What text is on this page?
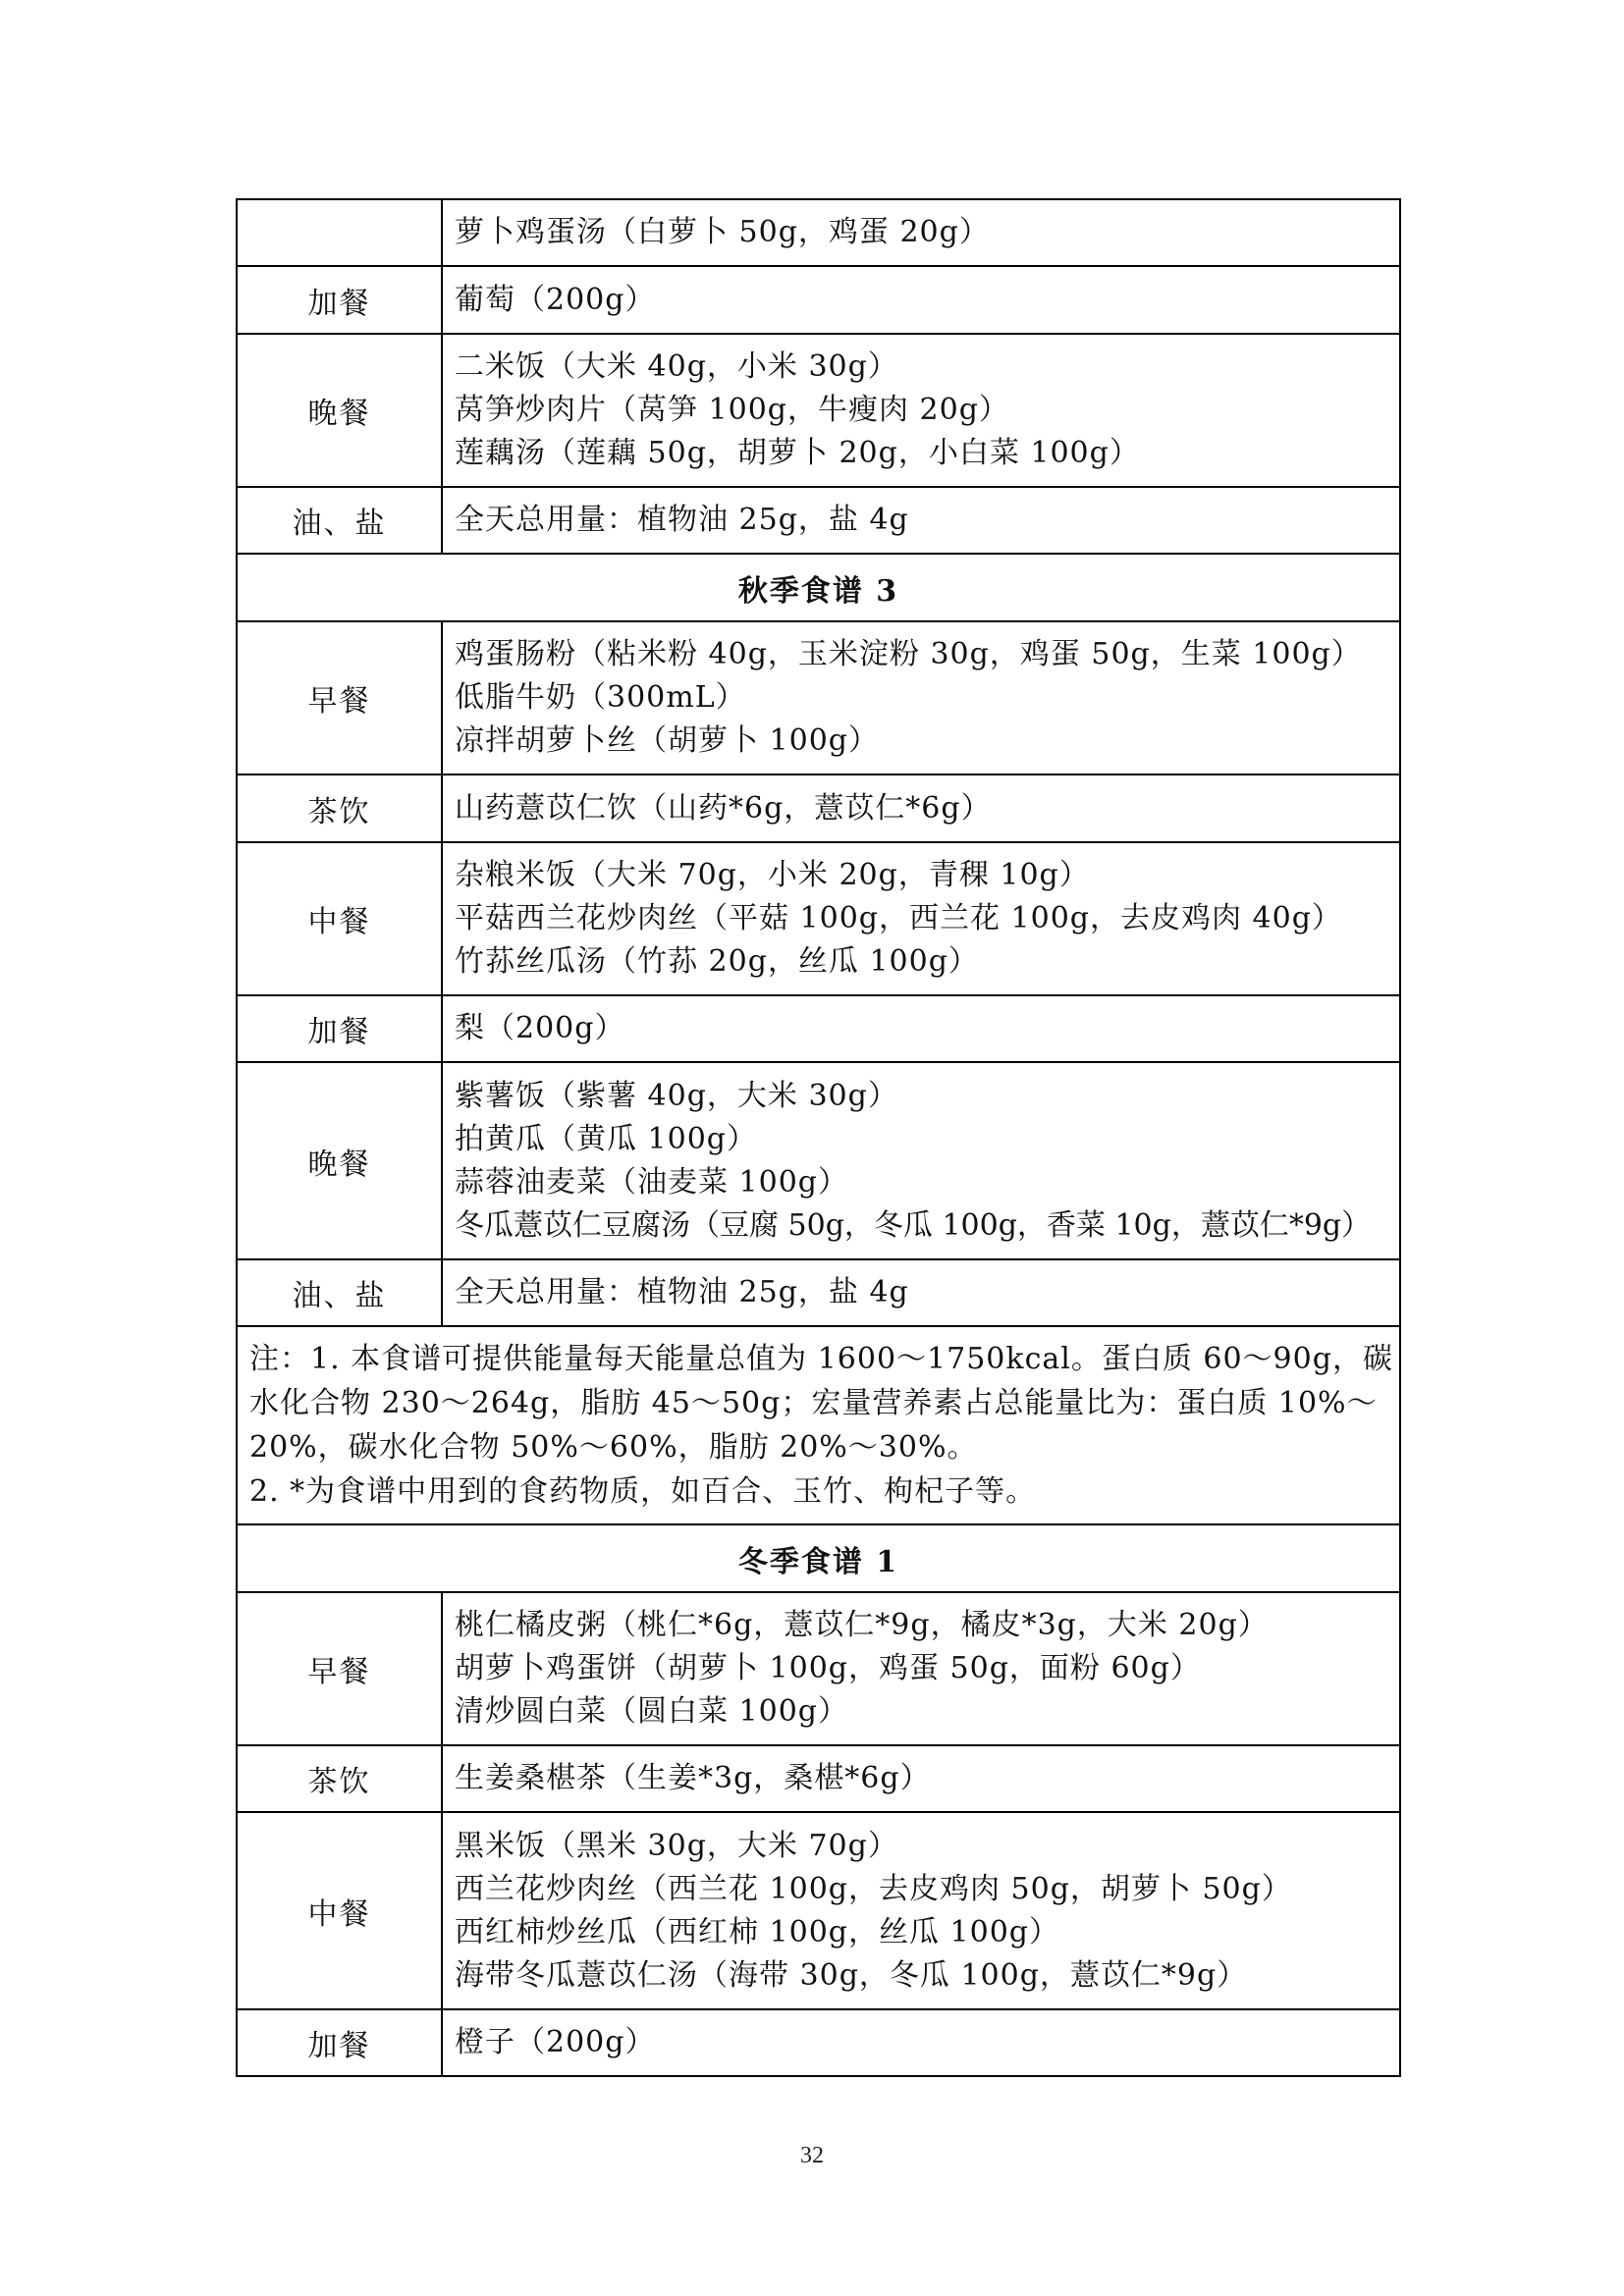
	萝卜鸡蛋汤（白萝卜 50g，鸡蛋 20g）

加餐	葡萄（200g）

晚餐	二米饭（大米 40g，小米 30g）
莴笋炒肉片（莴笋 100g，牛瘦肉 20g）
莲藕汤（莲藕 50g，胡萝卜 20g，小白菜 100g）

油、盐	全天总用量：植物油 25g，盐 4g

秋季食谱 3	
早餐	鸡蛋肠粉（粘米粉 40g，玉米淀粉 30g，鸡蛋 50g，生菜 100g）
低脂牛奶（300mL）
凉拌胡萝卜丝（胡萝卜 100g）

茶饮	山药薏苡仁饮（山药*6g，薏苡仁*6g）

中餐	杂粮米饭（大米 70g，小米 20g，青稞 10g）
平菇西兰花炒肉丝（平菇 100g，西兰花 100g，去皮鸡肉 40g）
竹荪丝瓜汤（竹荪 20g，丝瓜 100g）

加餐	梨（200g）

晚餐	紫薯饭（紫薯 40g，大米 30g）
拍黄瓜（黄瓜 100g）
蒜蓉油麦菜（油麦菜 100g）
冬瓜薏苡仁豆腐汤（豆腐 50g，冬瓜 100g，香菜 10g，薏苡仁*9g）

油、盐	全天总用量：植物油 25g，盐 4g

注：1. 本食谱可提供能量每天能量总值为 1600～1750kcal。蛋白质 60～90g，碳
水化合物 230～264g，脂肪 45～50g；宏量营养素占总能量比为：蛋白质 10%～
20%，碳水化合物 50%～60%，脂肪 20%～30%。
2. *为食谱中用到的食药物质，如百合、玉竹、枸杞子等。	

冬季食谱 1	
早餐	桃仁橘皮粥（桃仁*6g，薏苡仁*9g，橘皮*3g，大米 20g）
胡萝卜鸡蛋饼（胡萝卜 100g，鸡蛋 50g，面粉 60g）
清炒圆白菜（圆白菜 100g）

茶饮	生姜桑椹茶（生姜*3g，桑椹*6g）

中餐	黑米饭（黑米 30g，大米 70g）
西兰花炒肉丝（西兰花 100g，去皮鸡肉 50g，胡萝卜 50g）
西红柿炒丝瓜（西红柿 100g，丝瓜 100g）
海带冬瓜薏苡仁汤（海带 30g，冬瓜 100g，薏苡仁*9g）

加餐	橙子（200g）
32
